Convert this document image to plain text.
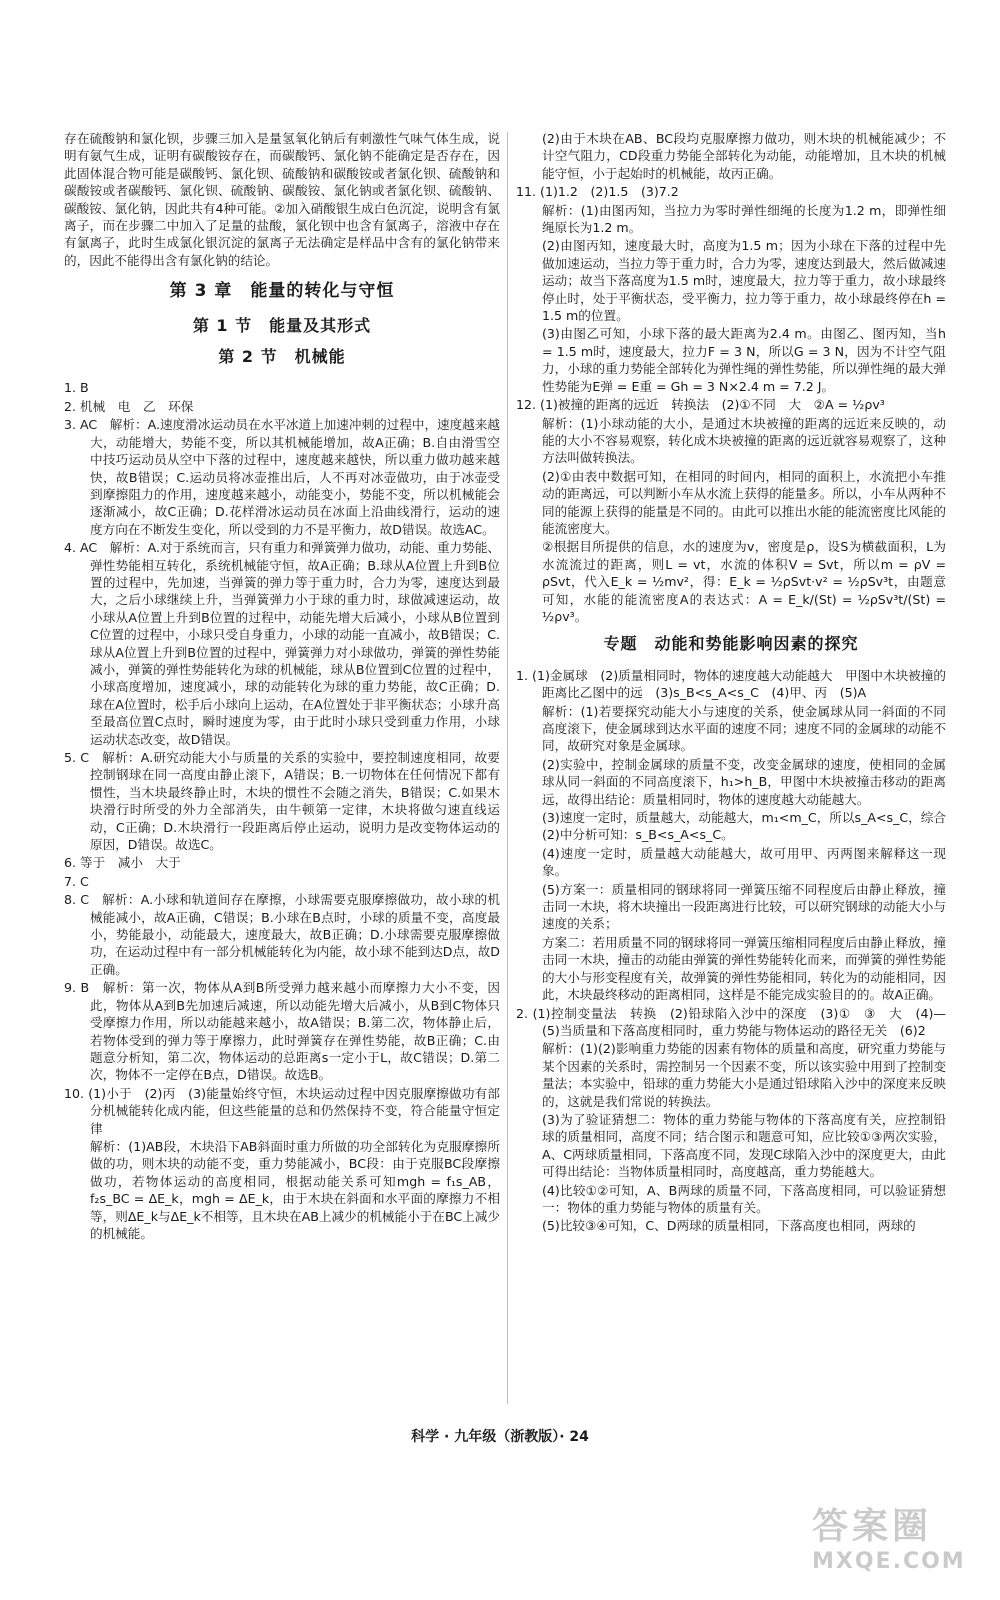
存在硫酸钠和氯化钡，步骤三加入是量氢氧化钠后有刺激性气味气体生成，说明有氨气生成，证明有碳酸铵存在，而碳酸钙、氯化钠不能确定是否存在，因此固体混合物可能是碳酸钙、氯化钡、硫酸钠和碳酸铵或者氯化钡、硫酸钠和碳酸铵或者碳酸钙、氯化钡、硫酸钠、碳酸铵、氯化钠或者氯化钡、硫酸钠、碳酸铵、氯化钠，因此共有4种可能。②加入硝酸银生成白色沉淀，说明含有氯离子，而在步骤二中加入了足量的盐酸，氯化钡中也含有氯离子，溶液中存在有氯离子，此时生成氯化银沉淀的氯离子无法确定是样品中含有的氯化钠带来的，因此不能得出含有氯化钠的结论。

第 3 章　能量的转化与守恒
第 1 节　能量及其形式
第 2 节　机械能

1. B

2. 机械　电　乙　环保

3. AC　解析：A.速度滑冰运动员在水平冰道上加速冲刺的过程中，速度越来越大，动能增大，势能不变，所以其机械能增加，故A正确；B.自由滑雪空中技巧运动员从空中下落的过程中，速度越来越快，所以重力做功越来越快，故B错误；C.运动员将冰壶推出后，人不再对冰壶做功，由于冰壶受到摩擦阻力的作用，速度越来越小，动能变小，势能不变，所以机械能会逐渐减小，故C正确；D.花样滑冰运动员在冰面上沿曲线滑行，运动的速度方向在不断发生变化，所以受到的力不是平衡力，故D错误。故选AC。

4. AC　解析：A.对于系统而言，只有重力和弹簧弹力做功，动能、重力势能、弹性势能相互转化，系统机械能守恒，故A正确；B.球从A位置上升到B位置的过程中，先加速，当弹簧的弹力等于重力时，合力为零，速度达到最大，之后小球继续上升，当弹簧弹力小于球的重力时，球做减速运动，故小球从A位置上升到B位置的过程中，动能先增大后减小，小球从B位置到C位置的过程中，小球只受自身重力，小球的动能一直减小，故B错误；C.球从A位置上升到B位置的过程中，弹簧弹力对小球做功，弹簧的弹性势能减小，弹簧的弹性势能转化为球的机械能，球从B位置到C位置的过程中，小球高度增加，速度减小，球的动能转化为球的重力势能，故C正确；D.球在A位置时，松手后小球向上运动，在A位置处于非平衡状态；小球升高至最高位置C点时，瞬时速度为零，由于此时小球只受到重力作用，小球运动状态改变，故D错误。

5. C　解析：A.研究动能大小与质量的关系的实验中，要控制速度相同，故要控制钢球在同一高度由静止滚下，A错误；B.一切物体在任何情况下都有惯性，当木块最终静止时，木块的惯性不会随之消失，B错误；C.如果木块滑行时所受的外力全部消失，由牛顿第一定律，木块将做匀速直线运动，C正确；D.木块滑行一段距离后停止运动，说明力是改变物体运动的原因，D错误。故选C。

6. 等于　减小　大于

7. C

8. C　解析：A.小球和轨道间存在摩擦，小球需要克服摩擦做功，故小球的机械能减小，故A正确，C错误；B.小球在B点时，小球的质量不变，高度最小，势能最小，动能最大，速度最大，故B正确；D.小球需要克服摩擦做功，在运动过程中有一部分机械能转化为内能，故小球不能到达D点，故D正确。

9. B　解析：第一次，物体从A到B所受弹力越来越小而摩擦力大小不变，因此，物体从A到B先加速后减速，所以动能先增大后减小，从B到C物体只受摩擦力作用，所以动能越来越小，故A错误；B.第二次，物体静止后，若物体受到的弹力等于摩擦力，此时弹簧存在弹性势能，故B正确；C.由题意分析知，第二次，物体运动的总距离s一定小于L，故C错误；D.第二次，物体不一定停在B点，D错误。故选B。

10. (1)小于　(2)丙　(3)能量始终守恒，木块运动过程中因克服摩擦做功有部分机械能转化成内能，但这些能量的总和仍然保持不变，符合能量守恒定律

解析：(1)AB段，木块沿下AB斜面时重力所做的功全部转化为克服摩擦所做的功，则木块的动能不变，重力势能减小，BC段：由于克服BC段摩擦做功，若物体运动的高度相同，根据动能关系可知mgh = f₁s_AB，f₂s_BC = ΔE_k，mgh = ΔE_k，由于木块在斜面和水平面的摩擦力不相等，则ΔE_k与ΔE_k不相等，且木块在AB上减少的机械能小于在BC上减少的机械能。

(2)由于木块在AB、BC段均克服摩擦力做功，则木块的机械能减少；不计空气阻力，CD段重力势能全部转化为动能，动能增加，且木块的机械能守恒，小于起始时的机械能，故丙正确。

11. (1)1.2　(2)1.5　(3)7.2

解析：(1)由图丙知，当拉力为零时弹性细绳的长度为1.2 m，即弹性细绳原长为1.2 m。

(2)由图丙知，速度最大时，高度为1.5 m；因为小球在下落的过程中先做加速运动，当拉力等于重力时，合力为零，速度达到最大，然后做减速运动；故当下落高度为1.5 m时，速度最大，拉力等于重力，故小球最终停止时，处于平衡状态，受平衡力，拉力等于重力，故小球最终停在h = 1.5 m的位置。

(3)由图乙可知，小球下落的最大距离为2.4 m。由图乙、图丙知，当h = 1.5 m时，速度最大，拉力F = 3 N，所以G = 3 N，因为不计空气阻力，小球的重力势能全部转化为弹性绳的弹性势能，所以弹性绳的最大弹性势能为E弹 = E重 = Gh = 3 N×2.4 m = 7.2 J。

12. (1)被撞的距离的远近　转换法　(2)①不同　大　②A = ½ρv³

解析：(1)小球动能的大小，是通过木块被撞的距离的远近来反映的，动能的大小不容易观察，转化成木块被撞的距离的远近就容易观察了，这种方法叫做转换法。

(2)①由表中数据可知，在相同的时间内，相同的面积上，水流把小车推动的距离远，可以判断小车从水流上获得的能量多。所以，小车从两种不同的能源上获得的能量是不同的。由此可以推出水能的能流密度比风能的能流密度大。

②根据目所提供的信息，水的速度为v，密度是ρ，设S为横截面积，L为水流流过的距离，则L = vt，水流的体积V = Svt，所以m = ρV = ρSvt，代入E_k = ½mv²，得：E_k = ½ρSvt·v² = ½ρSv³t，由题意可知，水能的能流密度A的表达式：A = E_k/(St) = ½ρSv³t/(St) = ½ρv³。

专题　动能和势能影响因素的探究

1. (1)金属球　(2)质量相同时，物体的速度越大动能越大　甲图中木块被撞的距离比乙图中的远　(3)s_B<s_A<s_C　(4)甲、丙　(5)A

解析：(1)若要探究动能大小与速度的关系，使金属球从同一斜面的不同高度滚下，使金属球到达水平面的速度不同；速度不同的金属球的动能不同，故研究对象是金属球。

(2)实验中，控制金属球的质量不变，改变金属球的速度，使相同的金属球从同一斜面的不同高度滚下，h₁>h_B，甲图中木块被撞击移动的距离远，故得出结论：质量相同时，物体的速度越大动能越大。

(3)速度一定时，质量越大，动能越大，m₁<m_C，所以s_A<s_C，综合(2)中分析可知：s_B<s_A<s_C。

(4)速度一定时，质量越大动能越大，故可用甲、丙两图来解释这一现象。

(5)方案一：质量相同的钢球将同一弹簧压缩不同程度后由静止释放，撞击同一木块，将木块撞出一段距离进行比较，可以研究钢球的动能大小与速度的关系；

方案二：若用质量不同的钢球将同一弹簧压缩相同程度后由静止释放，撞击同一木块，撞击的动能由弹簧的弹性势能转化而来，而弹簧的弹性势能的大小与形变程度有关，故弹簧的弹性势能相同，转化为的动能相同，因此，木块最终移动的距离相同，这样是不能完成实验目的的。故A正确。

2. (1)控制变量法　转换　(2)铅球陷入沙中的深度　(3)①　③　大　(4)—　(5)当质量和下落高度相同时，重力势能与物体运动的路径无关　(6)2

解析：(1)(2)影响重力势能的因素有物体的质量和高度，研究重力势能与某个因素的关系时，需控制另一个因素不变，所以该实验中用到了控制变量法；本实验中，铅球的重力势能大小是通过铅球陷入沙中的深度来反映的，这就是我们常说的转换法。

(3)为了验证猜想二：物体的重力势能与物体的下落高度有关，应控制铅球的质量相同，高度不同；结合图示和题意可知，应比较①③两次实验，A、C两球质量相同，下落高度不同，发现C球陷入沙中的深度更大，由此可得出结论：当物体质量相同时，高度越高，重力势能越大。

(4)比较①②可知，A、B两球的质量不同，下落高度相同，可以验证猜想一：物体的重力势能与物体的质量有关。

(5)比较③④可知，C、D两球的质量相同，下落高度也相同，两球的

科学 · 九年级（浙教版）· 24
答案圈
MXQE.COM
